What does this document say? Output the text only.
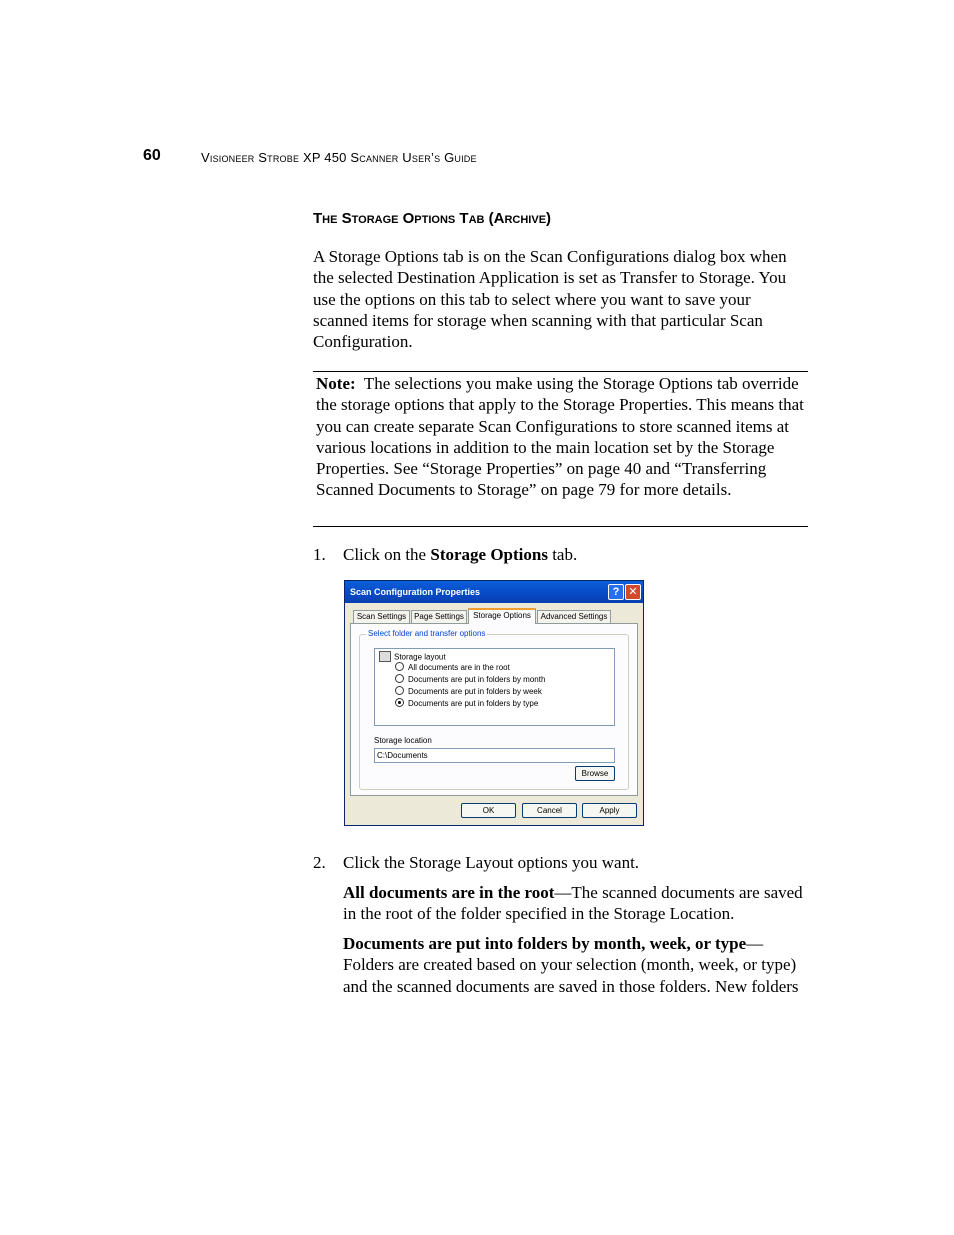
60	Visioneer Strobe XP 450 Scanner User’s Guide
The Storage Options Tab (Archive)
A Storage Options tab is on the Scan Configurations dialog box when the selected Destination Application is set as Transfer to Storage. You use the options on this tab to select where you want to save your scanned items for storage when scanning with that particular Scan Configuration.
Note: The selections you make using the Storage Options tab override the storage options that apply to the Storage Properties. This means that you can create separate Scan Configurations to store scanned items at various locations in addition to the main location set by the Storage Properties. See “Storage Properties” on page 40 and “Transferring Scanned Documents to Storage” on page 79 for more details.
1. Click on the Storage Options tab.
Scan Configuration Properties	? ✕
Scan Settings Page Settings	Storage Options	Advanced Settings
Select folder and transfer options
Storage layout
All documents are in the root
Documents are put in folders by month
Documents are put in folders by week
Documents are put in folders by type
Storage location
C:\Documents
Browse
OK	Cancel	Apply
2. Click the Storage Layout options you want.
All documents are in the root—The scanned documents are saved in the root of the folder specified in the Storage Location.
Documents are put into folders by month, week, or type—Folders are created based on your selection (month, week, or type) and the scanned documents are saved in those folders. New folders
